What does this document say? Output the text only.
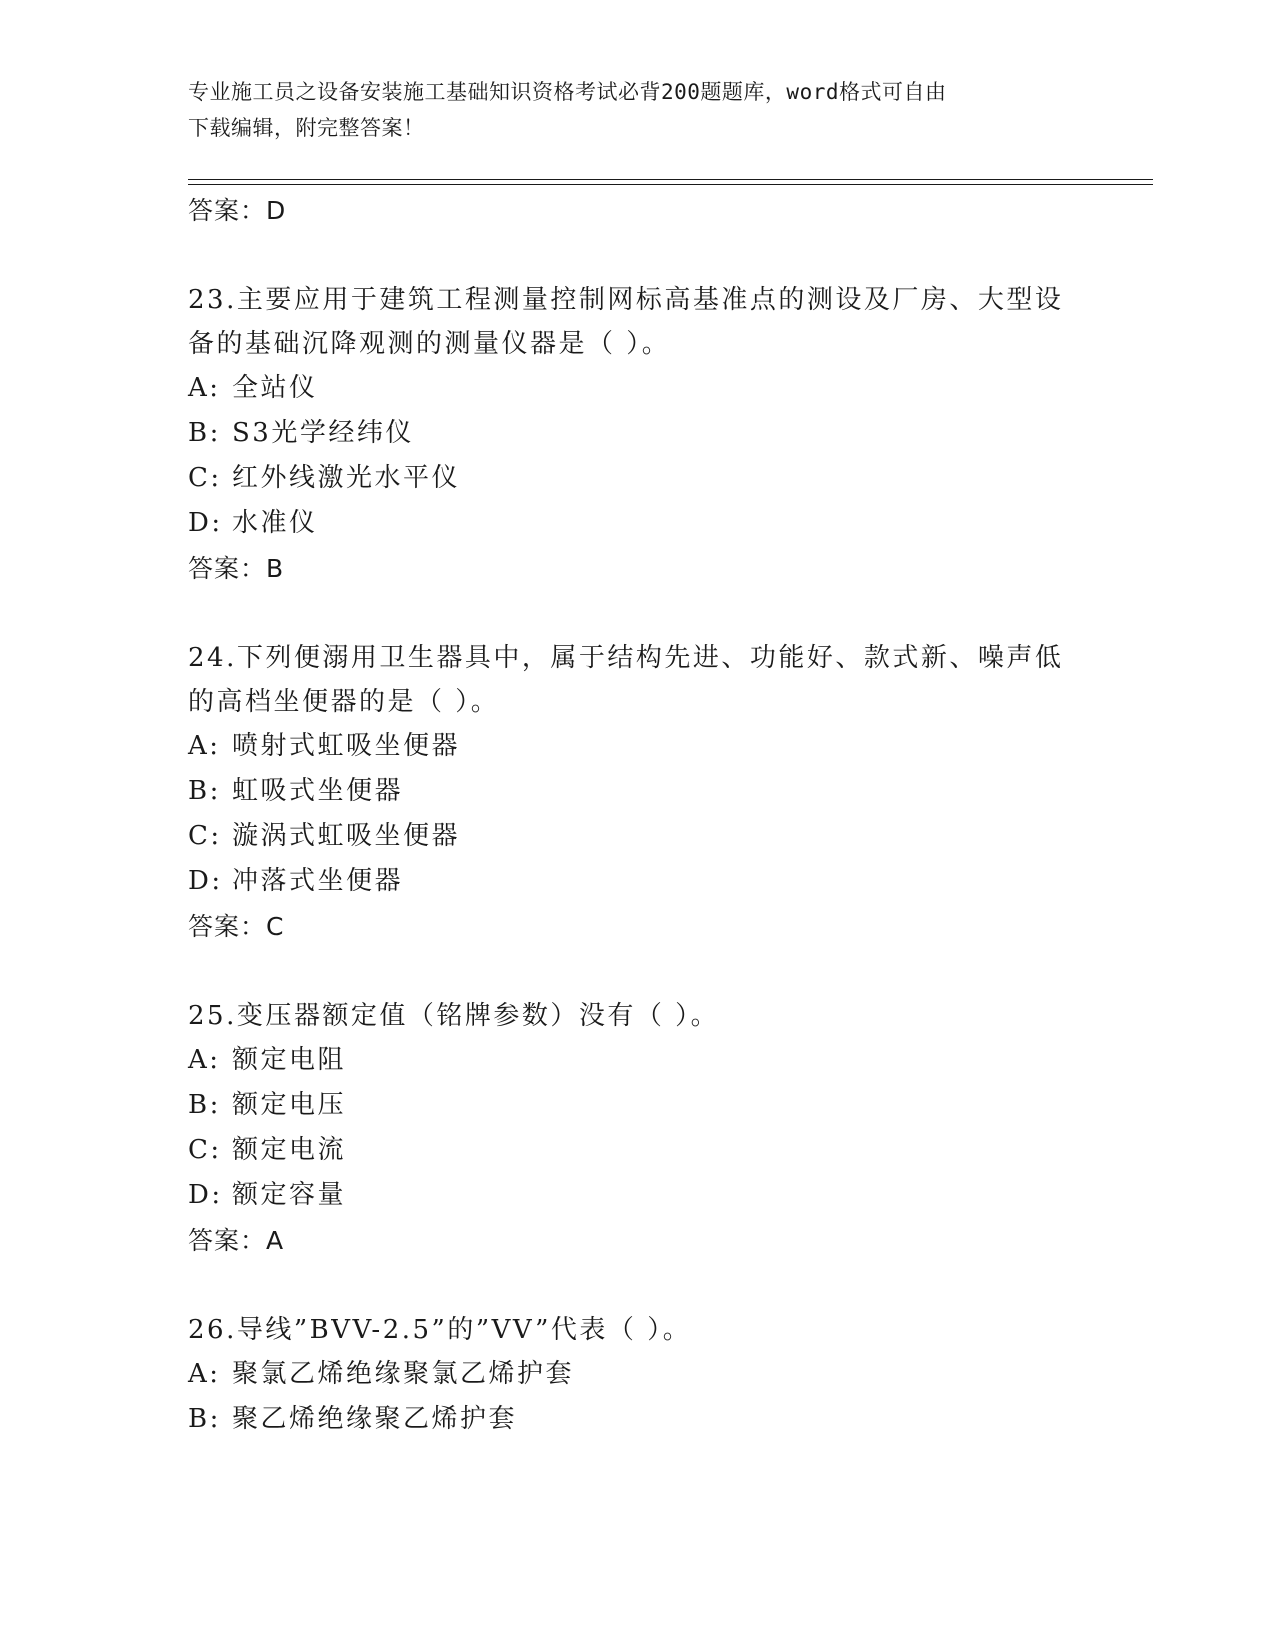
专业施工员之设备安装施工基础知识资格考试必背200题题库，word格式可自由
下载编辑，附完整答案！
答案：D
23.主要应用于建筑工程测量控制网标高基准点的测设及厂房、大型设
备的基础沉降观测的测量仪器是（ ）。
A: 全站仪
B: S3光学经纬仪
C: 红外线激光水平仪
D: 水准仪
答案：B
24.下列便溺用卫生器具中，属于结构先进、功能好、款式新、噪声低
的高档坐便器的是（ ）。
A: 喷射式虹吸坐便器
B: 虹吸式坐便器
C: 漩涡式虹吸坐便器
D: 冲落式坐便器
答案：C
25.变压器额定值（铭牌参数）没有（ ）。
A: 额定电阻
B: 额定电压
C: 额定电流
D: 额定容量
答案：A
26.导线”BVV-2.5”的”VV”代表（ ）。
A: 聚氯乙烯绝缘聚氯乙烯护套
B: 聚乙烯绝缘聚乙烯护套
